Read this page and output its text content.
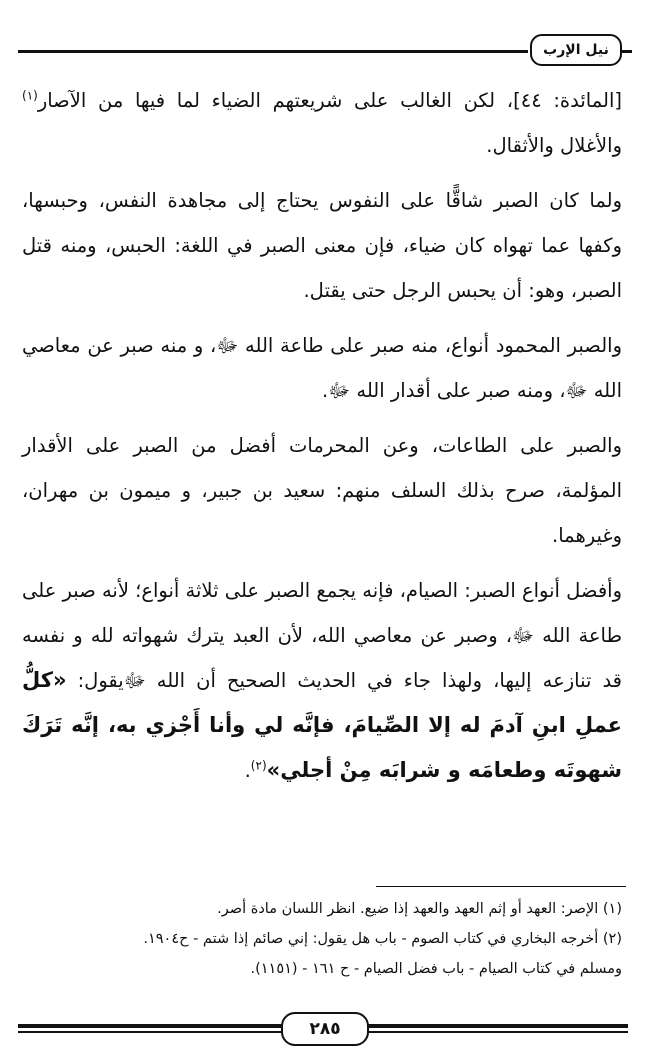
نيل الإرب

[المائدة: ٤٤]، لكن الغالب على شريعتهم الضياء لما فيها من الآصار$^{(١)}$ والأغلال والأثقال.

ولما كان الصبر شاقًّا على النفوس يحتاج إلى مجاهدة النفس، وحبسها، وكفها عما تهواه كان ضياء، فإن معنى الصبر في اللغة: الحبس، ومنه قتل الصبر، وهو: أن يحبس الرجل حتى يقتل.

والصبر المحمود أنواع، منه صبر على طاعة الله ﷻ، و منه صبر عن معاصي الله ﷻ، ومنه صبر على أقدار الله ﷻ.

والصبر على الطاعات، وعن المحرمات أفضل من الصبر على الأقدار المؤلمة، صرح بذلك السلف منهم: سعيد بن جبير، و ميمون بن مهران، وغيرهما.

وأفضل أنواع الصبر: الصيام، فإنه يجمع الصبر على ثلاثة أنواع؛ لأنه صبر على طاعة الله ﷻ، وصبر عن معاصي الله، لأن العبد يترك شهواته لله و نفسه قد تنازعه إليها، ولهذا جاء في الحديث الصحيح أن الله ﷻيقول: «كلُّ عملِ ابنِ آدمَ له إلا الصِّيامَ، فإنَّه لي وأنا أَجْزي به، إنَّه تَرَكَ شهوتَه وطعامَه و شرابَه مِنْ أجلي»$^{(٢)}$.

(١) الإصر: العهد أو إثم العهد والعهد إذا ضيع. انظر اللسان مادة أصر.
(٢) أخرجه البخاري في كتاب الصوم - باب هل يقول: إني صائم إذا شتم - ح١٩٠٤.
ومسلم في كتاب الصيام - باب فضل الصيام - ح ١٦١ - (١١٥١).
٢٨٥
